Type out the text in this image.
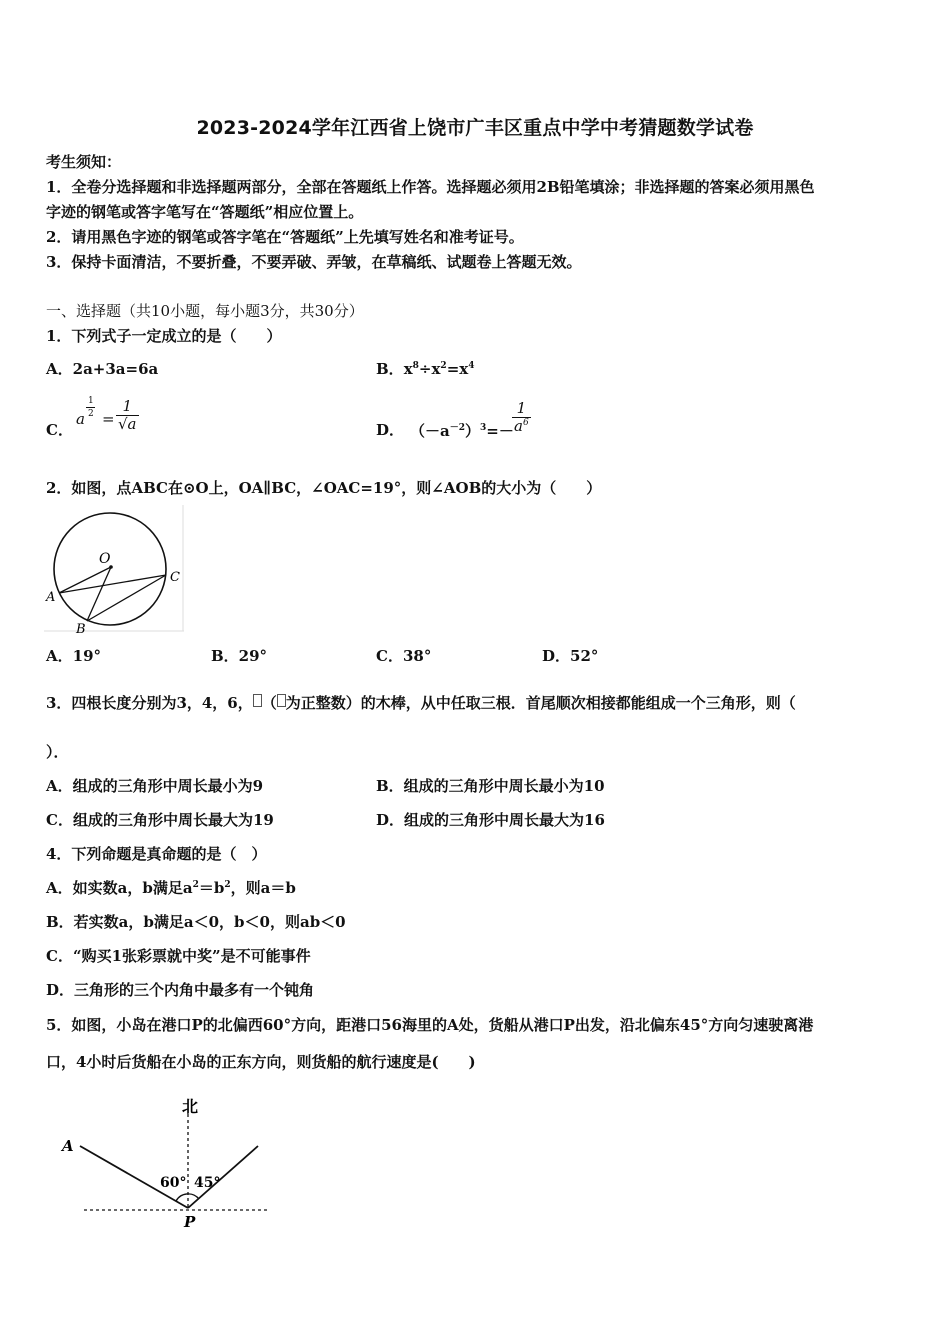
2023-2024学年江西省上饶市广丰区重点中学中考猜题数学试卷
考生须知：
1．全卷分选择题和非选择题两部分，全部在答题纸上作答。选择题必须用2B铅笔填涂；非选择题的答案必须用黑色
字迹的钢笔或答字笔写在“答题纸”相应位置上。
2．请用黑色字迹的钢笔或答字笔在“答题纸”上先填写姓名和准考证号。
3．保持卡面清洁，不要折叠，不要弄破、弄皱，在草稿纸、试题卷上答题无效。
一、选择题（共10小题，每小题3分，共30分）
1．下列式子一定成立的是（　　）
A．2a+3a=6a	B．$x^8\div x^2=x^4$
C．
a
1
$2 = \frac{1}{√a}$	D． $(-a^{-2})^3=-$
$\frac{1}{a^6}$
2．如图，点ABC在⊙O上，OA∥BC，∠OAC=19°，则∠AOB的大小为（　　）
O
A
B
C
A．19°	B．29°	C．38°	D．52°
3．四根长度分别为3，4，6， （ 为正整数）的木棒，从中任取三根．首尾顺次相接都能组成一个三角形，则（
）．
A．组成的三角形中周长最小为9	B．组成的三角形中周长最小为10
C．组成的三角形中周长最大为19	D．组成的三角形中周长最大为16
4．下列命题是真命题的是（　）
A．如实数a，b满足$a^2=b^2$，则a＝b
B．若实数a，b满足a＜0，b＜0，则ab＜0
C．“购买1张彩票就中奖”是不可能事件
D．三角形的三个内角中最多有一个钝角
5．如图，小岛在港口P的北偏西60°方向，距港口56海里的A处，货船从港口P出发，沿北偏东45°方向匀速驶离港
口，4小时后货船在小岛的正东方向，则货船的航行速度是(　　)
北
A
P
60° 45°
